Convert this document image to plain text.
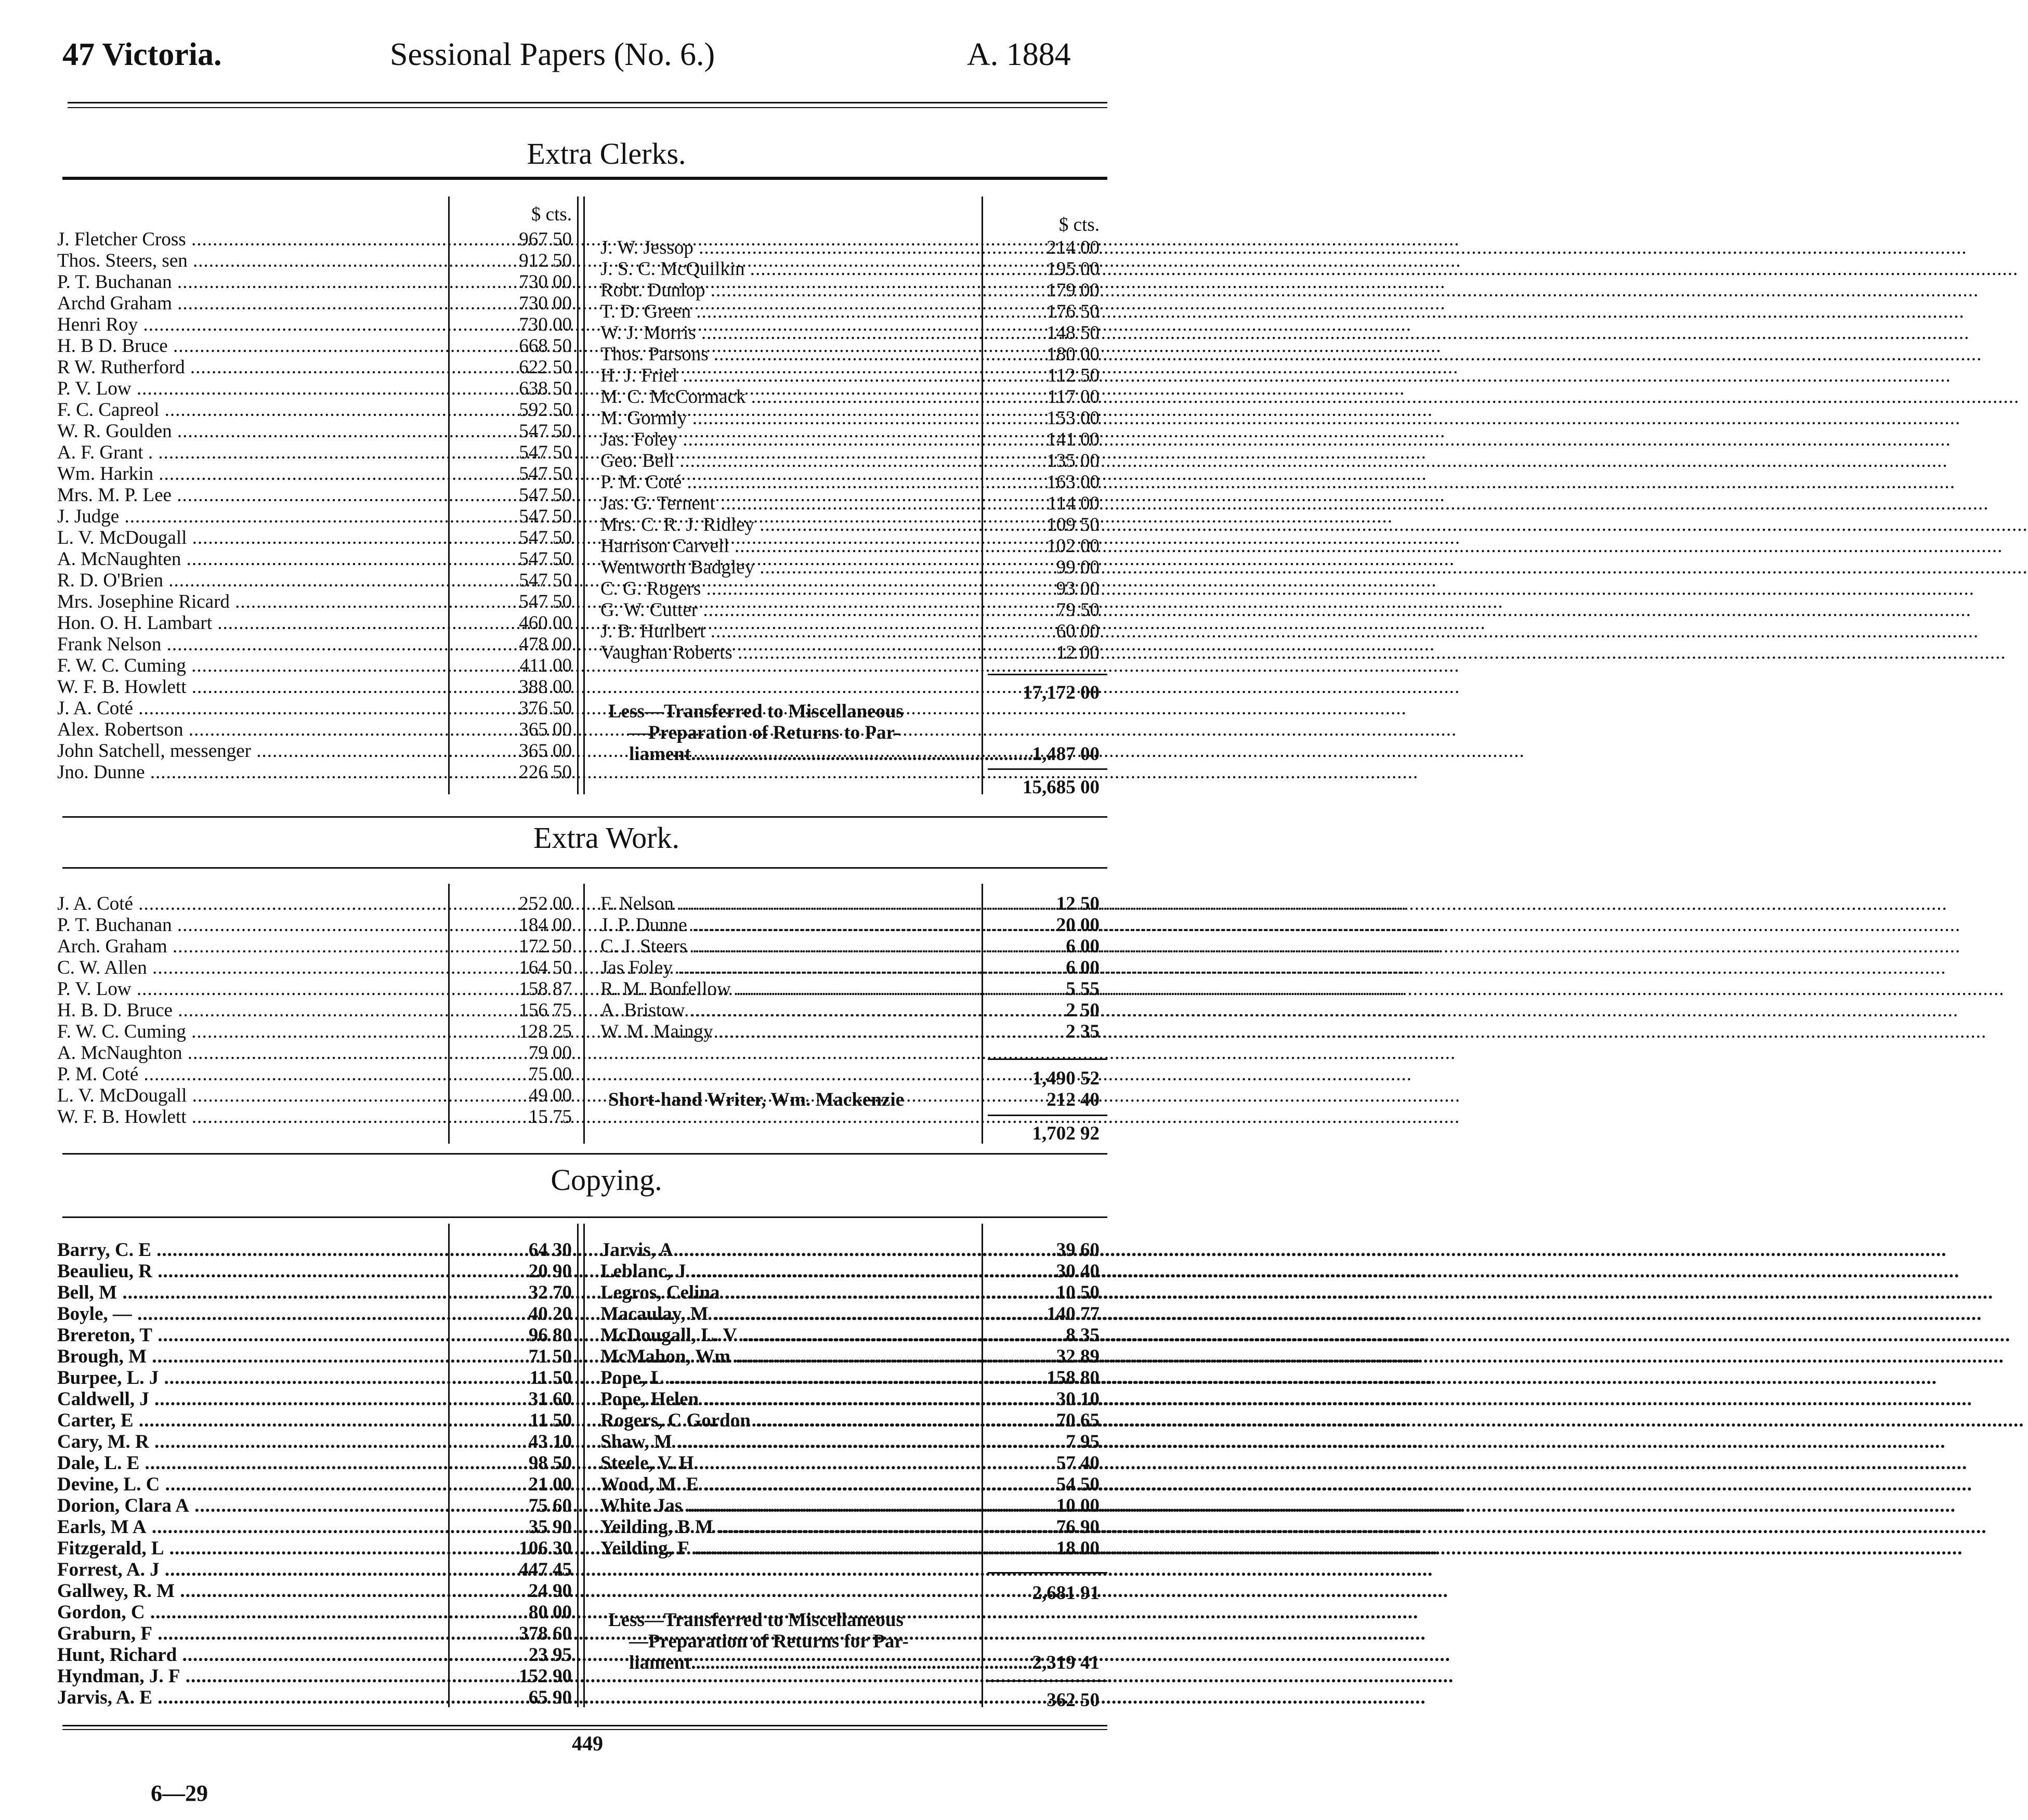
47 Victoria.	Sessional Papers (No. 6.)	A. 1884
Extra Clerks.
$ cts.	$ cts.
J. Fletcher Cross .....	967 50
Thos. Steers, sen .....	912 50
P. T. Buchanan .....	730 00
Archd Graham .....	730 00
Henri Roy .....	730 00
H. B D. Bruce .....	668 50
R W. Rutherford .....	622 50
P. V. Low .....	638 50
F. C. Capreol .....	592 50
W. R. Goulden .....	547 50
A. F. Grant . .....	547 50
Wm. Harkin .....	547 50
Mrs. M. P. Lee .....	547 50
J. Judge .....	547 50
L. V. McDougall .....	547 50
A. McNaughten .....	547 50
R. D. O'Brien .....	547 50
Mrs. Josephine Ricard .....	547 50
Hon. O. H. Lambart .....	460 00
Frank Nelson .....	478 00
F. W. C. Cuming .....	411 00
W. F. B. Howlett .....	388 00
J. A. Coté .....	376 50
Alex. Robertson .....	365 00
John Satchell, messenger .....	365 00
Jno. Dunne .....	226 50
J. W. Jessop .....	214 00
J. S. C. McQuilkin .....	195 00
Robt. Dunlop .....	179 00
T. D. Green .....	176 50
W. J. Morris .....	148 50
Thos. Parsons .....	180 00
H. J. Friel .....	112 50
M. C. McCormack .....	117 00
M. Gormly .....	153 00
Jas. Foley .....	141 00
Geo. Bell .....	135 00
P. M. Coté .....	163 00
Jas. G. Ternent .....	114 00
Mrs. C. R. J. Ridley .....	109 50
Harrison Carvell .....	102 00
Wentworth Badgley .....	99 00
C. G. Rogers .....	93 00
G. W. Cutter .....	79 50
J. B. Hurlbert .....	60 00
Vaughan Roberts .....	12 00
17,172 00
Less—Transferred to Miscellaneous
—Preparation of Returns to Par-
liament...........................................................................
1,487 00
15,685 00
Extra Work.
J. A. Coté .....	252 00
P. T. Buchanan .....	184 00
Arch. Graham .....	172 50
C. W. Allen .....	164 50
P. V. Low .....	158 87
H. B. D. Bruce .....	156 75
F. W. C. Cuming .....	128 25
A. McNaughton .....	79 00
P. M. Coté .....	75 00
L. V. McDougall .....	49 00
W. F. B. Howlett .....	15 75
F. Nelson .....	12 50
J. P. Dunne .....	20 00
C. J. Steers .....	6 00
Jas Foley .....	6 00
R. M. Bonfellow .....	5 55
A. Bristow .....	2 50
W. M. Maingy .....	2 35
1,490 52
Short-hand Writer, Wm. Mackenzie	212 40
1,702 92
Copying.
Barry, C. E .....	64 30
Beaulieu, R .....	20 90
Bell, M .....	32 70
Boyle, — .....	40 20
Brereton, T .....	96 80
Brough, M .....	71 50
Burpee, L. J .....	11 50
Caldwell, J .....	31 60
Carter, E .....	11 50
Cary, M. R .....	43 10
Dale, L. E .....	98 50
Devine, L. C .....	21 00
Dorion, Clara A .....	75 60
Earls, M A .....	35 90
Fitzgerald, L .....	106 30
Forrest, A. J .....	447 45
Gallwey, R. M .....	24 90
Gordon, C .....	80 00
Graburn, F .....	378 60
Hunt, Richard .....	23 95
Hyndman, J. F .....	152 90
Jarvis, A. E .....	65 90
Jarvis, A .....	39 60
Leblanc, J .....	30 40
Legros, Celina .....	10 50
Macaulay, M .....	140 77
McDougall, L. V .....	8 35
McMahon, Wm .....	32 89
Pope, L .....	158 80
Pope, Helen .....	30 10
Rogers, C Gordon .....	70 65
Shaw, M .....	7 95
Steele, V. H .....	57 40
Wood, M. E .....	54 50
White Jas .....	10 00
Yeilding, B M .....	76 90
Yeilding, F .....	18 00
2,681 91
Less—Transferred to Miscellaneous
—Preparation of Returns for Par-
liament...........................................................................
2,319 41
362 50
449
6—29
